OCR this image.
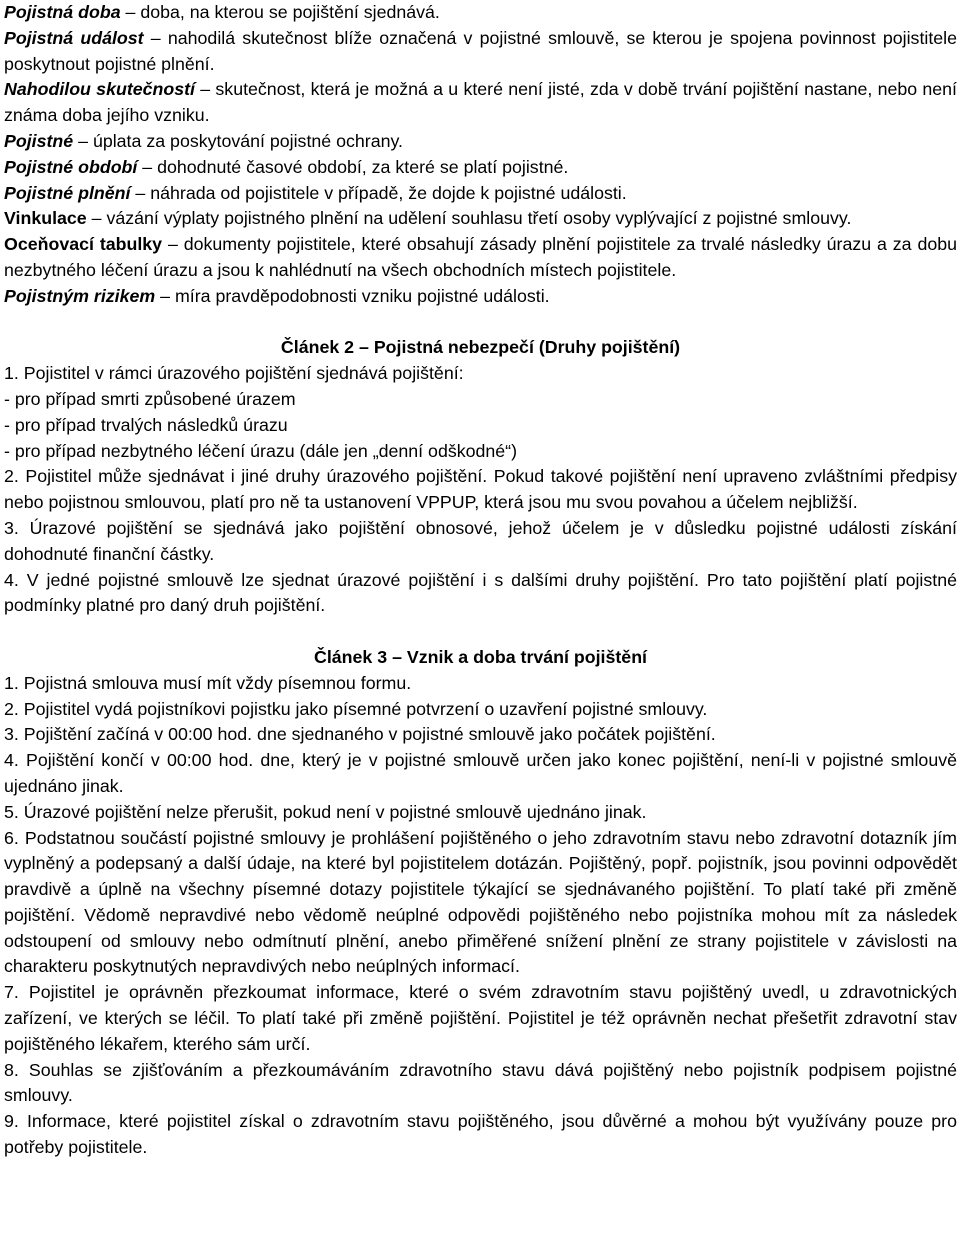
Pojistná doba – doba, na kterou se pojištění sjednává.

Pojistná událost – nahodilá skutečnost blíže označená v pojistné smlouvě, se kterou je spojena povinnost pojistitele poskytnout pojistné plnění.

Nahodilou skutečností – skutečnost, která je možná a u které není jisté, zda v době trvání pojištění nastane, nebo není známa doba jejího vzniku.

Pojistné – úplata za poskytování pojistné ochrany.

Pojistné období – dohodnuté časové období, za které se platí pojistné.

Pojistné plnění – náhrada od pojistitele v případě, že dojde k pojistné události.

Vinkulace – vázání výplaty pojistného plnění na udělení souhlasu třetí osoby vyplývající z pojistné smlouvy.

Oceňovací tabulky – dokumenty pojistitele, které obsahují zásady plnění pojistitele za trvalé následky úrazu a za dobu nezbytného léčení úrazu a jsou k nahlédnutí na všech obchodních místech pojistitele.

Pojistným rizikem – míra pravděpodobnosti vzniku pojistné události.

Článek 2 – Pojistná nebezpečí (Druhy pojištění)

1. Pojistitel v rámci úrazového pojištění sjednává pojištění:

- pro případ smrti způsobené úrazem

- pro případ trvalých následků úrazu

- pro případ nezbytného léčení úrazu (dále jen „denní odškodné“)

2. Pojistitel může sjednávat i jiné druhy úrazového pojištění. Pokud takové pojištění není upraveno zvláštními předpisy nebo pojistnou smlouvou, platí pro ně ta ustanovení VPPUP, která jsou mu svou povahou a účelem nejbližší.

3. Úrazové pojištění se sjednává jako pojištění obnosové, jehož účelem je v důsledku pojistné události získání dohodnuté finanční částky.

4. V jedné pojistné smlouvě lze sjednat úrazové pojištění i s dalšími druhy pojištění. Pro tato pojištění platí pojistné podmínky platné pro daný druh pojištění.

Článek 3 – Vznik a doba trvání pojištění

1. Pojistná smlouva musí mít vždy písemnou formu.

2. Pojistitel vydá pojistníkovi pojistku jako písemné potvrzení o uzavření pojistné smlouvy.

3. Pojištění začíná v 00:00 hod. dne sjednaného v pojistné smlouvě jako počátek pojištění.

4. Pojištění končí v 00:00 hod. dne, který je v pojistné smlouvě určen jako konec pojištění, není-li v pojistné smlouvě ujednáno jinak.

5. Úrazové pojištění nelze přerušit, pokud není v pojistné smlouvě ujednáno jinak.

6. Podstatnou součástí pojistné smlouvy je prohlášení pojištěného o jeho zdravotním stavu nebo zdravotní dotazník jím vyplněný a podepsaný a další údaje, na které byl pojistitelem dotázán. Pojištěný, popř. pojistník, jsou povinni odpovědět pravdivě a úplně na všechny písemné dotazy pojistitele týkající se sjednávaného pojištění. To platí také při změně pojištění. Vědomě nepravdivé nebo vědomě neúplné odpovědi pojištěného nebo pojistníka mohou mít za následek odstoupení od smlouvy nebo odmítnutí plnění, anebo přiměřené snížení plnění ze strany pojistitele v závislosti na charakteru poskytnutých nepravdivých nebo neúplných informací.

7. Pojistitel je oprávněn přezkoumat informace, které o svém zdravotním stavu pojištěný uvedl, u zdravotnických zařízení, ve kterých se léčil. To platí také při změně pojištění. Pojistitel je též oprávněn nechat přešetřit zdravotní stav pojištěného lékařem, kterého sám určí.

8. Souhlas se zjišťováním a přezkoumáváním zdravotního stavu dává pojištěný nebo pojistník podpisem pojistné smlouvy.

9. Informace, které pojistitel získal o zdravotním stavu pojištěného, jsou důvěrné a mohou být využívány pouze pro potřeby pojistitele.
